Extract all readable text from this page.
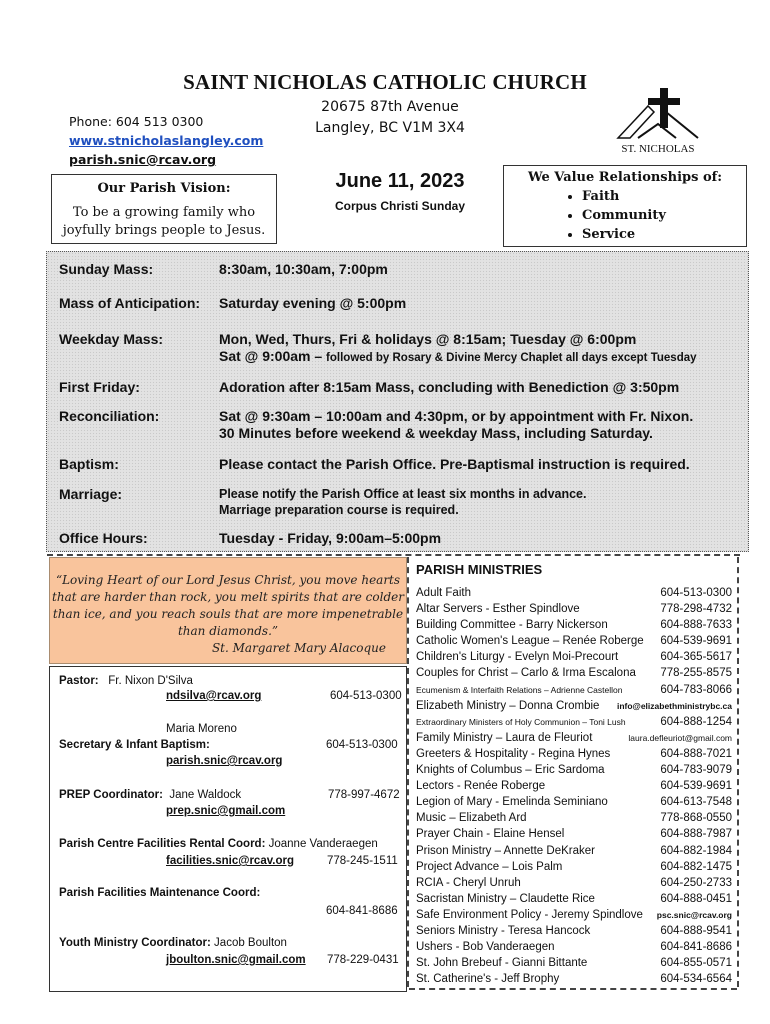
SAINT NICHOLAS CATHOLIC CHURCH
Phone: 604 513 0300
www.stnicholaslangley.com
parish.snic@rcav.org
20675 87th Avenue
Langley, BC V1M 3X4
ST. NICHOLAS
Our Parish Vision:
To be a growing family who
joyfully brings people to Jesus.
June 11, 2023
Corpus Christi Sunday
We Value Relationships of:
• Faith
• Community
• Service
Sunday Mass:	8:30am, 10:30am, 7:00pm
Mass of Anticipation: Saturday evening @ 5:00pm
Weekday Mass:	Mon, Wed, Thurs, Fri & holidays @ 8:15am; Tuesday @ 6:00pm
Sat @ 9:00am – followed by Rosary & Divine Mercy Chaplet all days except Tuesday
First Friday:	Adoration after 8:15am Mass, concluding with Benediction @ 3:50pm
Reconciliation:	Sat @ 9:30am – 10:00am and 4:30pm, or by appointment with Fr. Nixon.
30 Minutes before weekend & weekday Mass, including Saturday.
Baptism:	Please contact the Parish Office. Pre-Baptismal instruction is required.
Marriage:	Please notify the Parish Office at least six months in advance.
Marriage preparation course is required.
Office Hours:	Tuesday - Friday, 9:00am–5:00pm
“Loving Heart of our Lord Jesus Christ, you move hearts
that are harder than rock, you melt spirits that are colder
than ice, and you reach souls that are more impenetrable
than diamonds.”
St. Margaret Mary Alacoque
Pastor: Fr. Nixon D'Silva
ndsilva@rcav.org	604-513-0300
Maria Moreno
Secretary & Infant Baptism:	604-513-0300
parish.snic@rcav.org
PREP Coordinator: Jane Waldock	778-997-4672
prep.snic@gmail.com
Parish Centre Facilities Rental Coord: Joanne Vanderaegen
facilities.snic@rcav.org	778-245-1511
Parish Facilities Maintenance Coord:
604-841-8686
Youth Ministry Coordinator: Jacob Boulton
jboulton.snic@gmail.com 778-229-0431
PARISH MINISTRIES
Adult Faith	604-513-0300
Altar Servers - Esther Spindlove	778-298-4732
Building Committee - Barry Nickerson	604-888-7633
Catholic Women's League – Renée Roberge 604-539-9691
Children's Liturgy - Evelyn Moi-Precourt	604-365-5617
Couples for Christ – Carlo & Irma Escalona 778-255-8575
Ecumenism & Interfaith Relations – Adrienne Castellon	604-783-8066
Elizabeth Ministry – Donna Crombie info@elizabethministrybc.ca
Extraordinary Ministers of Holy Communion – Toni Lush	604-888-1254
Family Ministry – Laura de Fleuriot	laura.defleuriot@gmail.com
Greeters & Hospitality - Regina Hynes	604-888-7021
Knights of Columbus – Eric Sardoma	604-783-9079
Lectors - Renée Roberge	604-539-9691
Legion of Mary - Emelinda Seminiano	604-613-7548
Music – Elizabeth Ard	778-868-0550
Prayer Chain - Elaine Hensel	604-888-7987
Prison Ministry – Annette DeKraker	604-882-1984
Project Advance – Lois Palm	604-882-1475
RCIA - Cheryl Unruh	604-250-2733
Sacristan Ministry – Claudette Rice	604-888-0451
Safe Environment Policy - Jeremy Spindlove psc.snic@rcav.org
Seniors Ministry - Teresa Hancock	604-888-9541
Ushers - Bob Vanderaegen	604-841-8686
St. John Brebeuf - Gianni Bittante	604-855-0571
St. Catherine's - Jeff Brophy	604-534-6564
